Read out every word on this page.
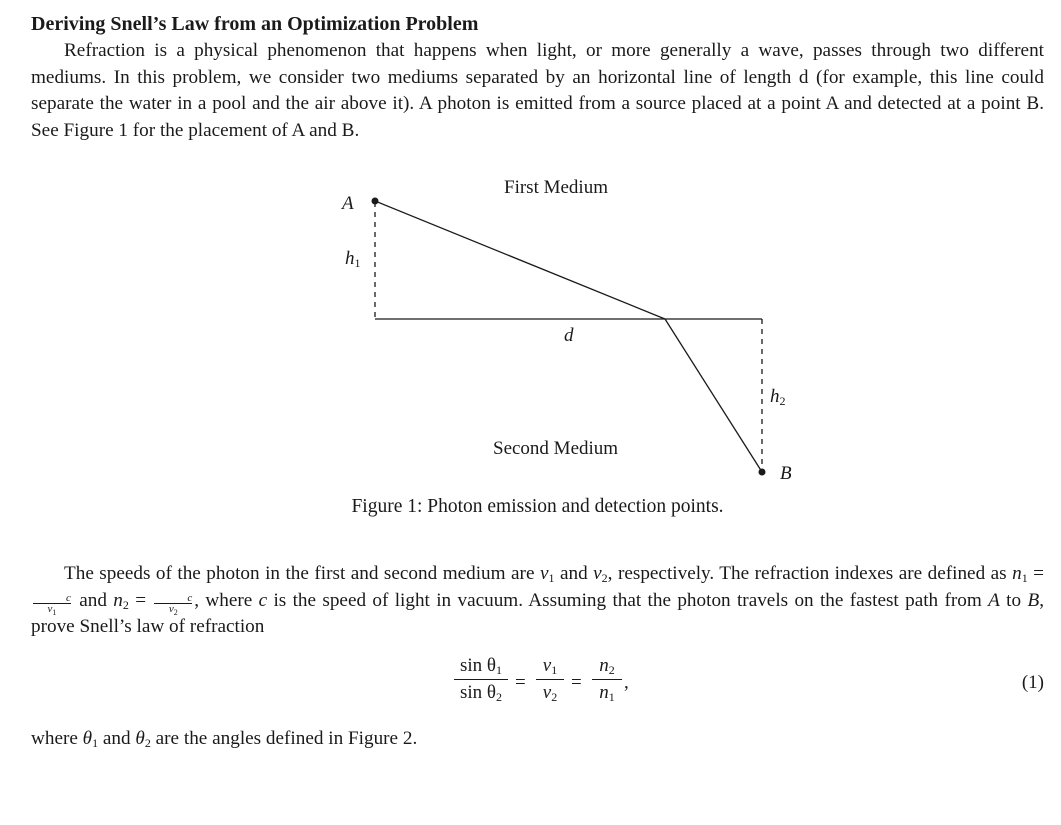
Deriving Snell’s Law from an Optimization Problem

Refraction is a physical phenomenon that happens when light, or more generally a wave, passes through two different mediums. In this problem, we consider two mediums separated by an horizontal line of length d (for example, this line could separate the water in a pool and the air above it). A photon is emitted from a source placed at a point A and detected at a point B. See Figure 1 for the placement of A and B.

First Medium
A
$h_1$
d
$h_2$
Second Medium
B
Figure 1: Photon emission and detection points.

The speeds of the photon in the first and second medium are $v_1$ and $v_2$, respectively. The refraction indexes are defined as $n_1 = c$
$v_1$ and $n_2$ =	c
$v_2$, where c is the speed of light in vacuum. Assuming that the photon travels on the fastest path from A to B, prove Snell’s law of refraction

$\sin \theta_1$
$\sin \theta_2$
=
$v_1$
$v_2$
=
$n_2$
$n_1$
,	(1)

where $\theta_1$ and $\theta_2$ are the angles defined in Figure 2.
